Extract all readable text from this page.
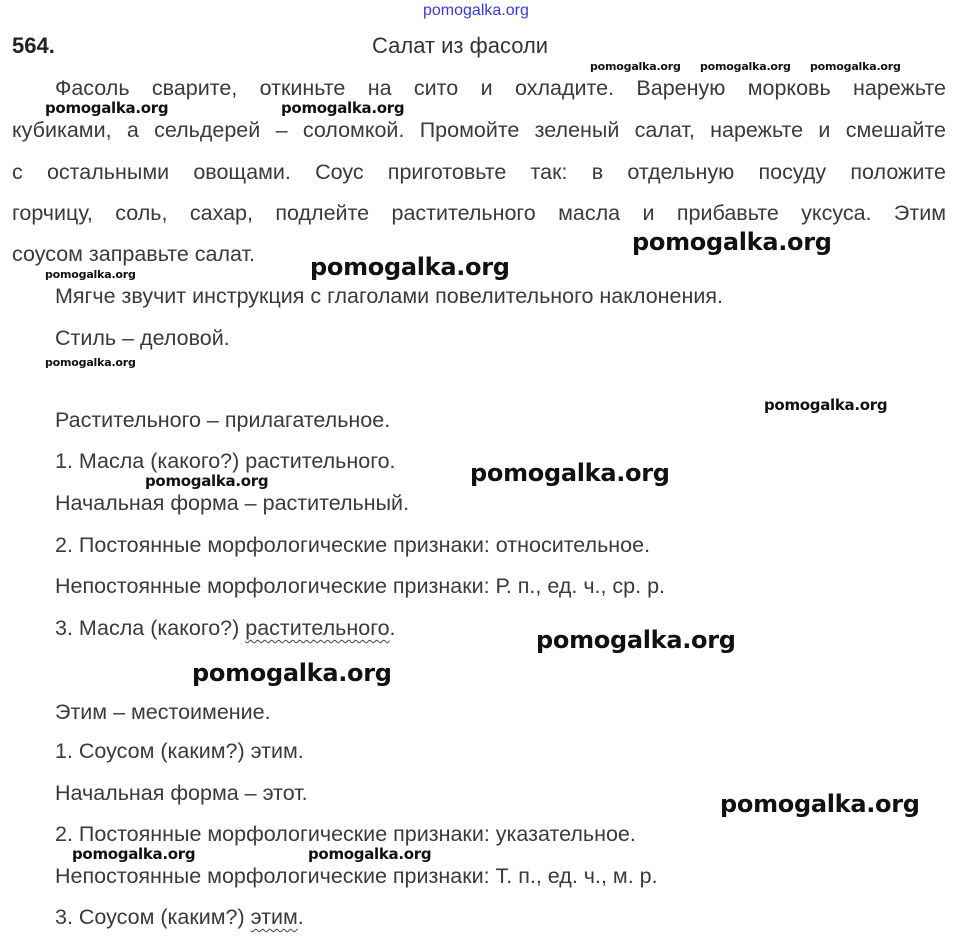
pomogalka.org
564.	Салат из фасоли
Фасоль сварите, откиньте на сито и охладите. Вареную морковь нарежьте
кубиками, а сельдерей – соломкой. Промойте зеленый салат, нарежьте и смешайте
с остальными овощами. Соус приготовьте так: в отдельную посуду положите
горчицу, соль, сахар, подлейте растительного масла и прибавьте уксуса. Этим
соусом заправьте салат.
Мягче звучит инструкция с глаголами повелительного наклонения.
Стиль – деловой.
Растительного – прилагательное.
1. Масла (какого?) растительного.
Начальная форма – растительный.
2. Постоянные морфологические признаки: относительное.
Непостоянные морфологические признаки: Р. п., ед. ч., ср. р.
3. Масла (какого?) растительного.
Этим – местоимение.
1. Соусом (каким?) этим.
Начальная форма – этот.
2. Постоянные морфологические признаки: указательное.
Непостоянные морфологические признаки: Т. п., ед. ч., м. р.
3. Соусом (каким?) этим.
pomogalka.org pomogalka.org pomogalka.org
pomogalka.org	pomogalka.org
pomogalka.org
pomogalka.org	pomogalka.org
pomogalka.org
pomogalka.org
pomogalka.org
pomogalka.org
pomogalka.org
pomogalka.org
pomogalka.org
pomogalka.org	pomogalka.org
